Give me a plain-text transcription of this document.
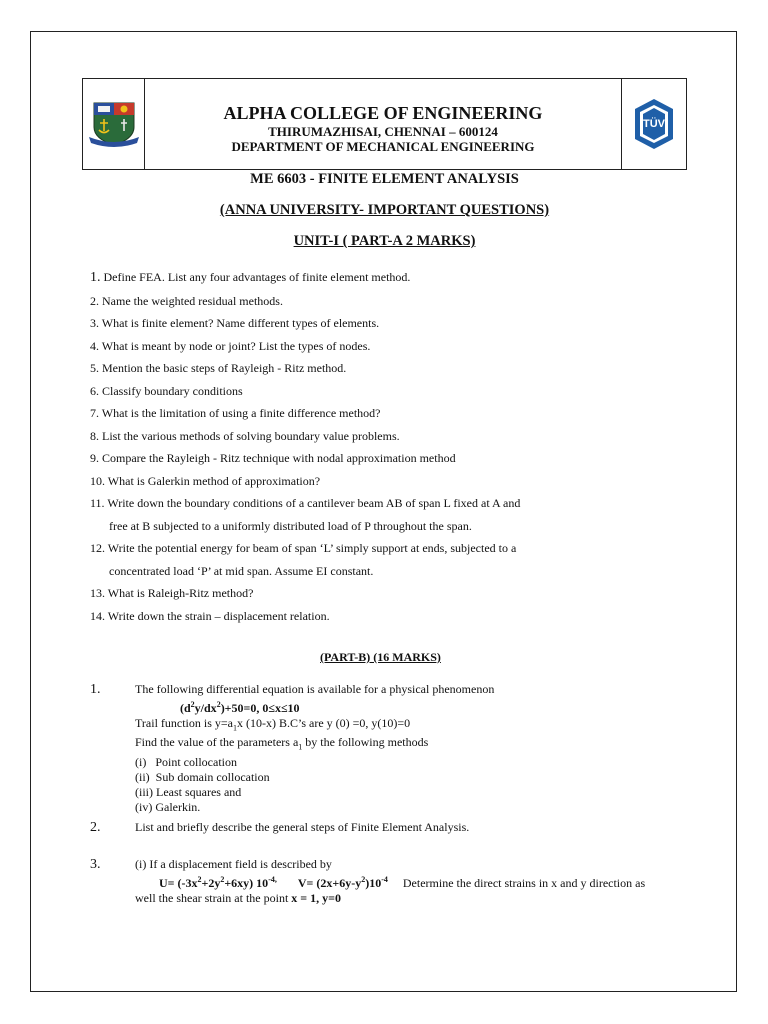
ALPHA COLLEGE OF ENGINEERING
THIRUMAZHISAI, CHENNAI – 600124
DEPARTMENT OF MECHANICAL ENGINEERING
TÜV
ME 6603 - FINITE ELEMENT ANALYSIS
(ANNA UNIVERSITY- IMPORTANT QUESTIONS)
UNIT-I ( PART-A 2 MARKS)
1. Define FEA. List any four advantages of finite element method.
2. Name the weighted residual methods.
3. What is finite element? Name different types of elements.
4. What is meant by node or joint? List the types of nodes.
5. Mention the basic steps of Rayleigh - Ritz method.
6. Classify boundary conditions
7. What is the limitation of using a finite difference method?
8. List the various methods of solving boundary value problems.
9. Compare the Rayleigh - Ritz technique with nodal approximation method
10. What is Galerkin method of approximation?
11. Write down the boundary conditions of a cantilever beam AB of span L fixed at A and
free at B subjected to a uniformly distributed load of P throughout the span.
12. Write the potential energy for beam of span ‘L’ simply support at ends, subjected to a
concentrated load ‘P’ at mid span. Assume EI constant.
13. What is Raleigh-Ritz method?
14. Write down the strain – displacement relation.
(PART-B) (16 MARKS)
1.	The following differential equation is available for a physical phenomenon
$(d^2y/dx^2)+50=0$, 0≤x≤10
Trail function is $y=a_1x$ (10-x) B.C’s are y (0) =0, y(10)=0
Find the value of the parameters $a_1$ by the following methods
(i)   Point collocation
(ii)  Sub domain collocation
(iii) Least squares and
(iv) Galerkin.
2.	List and briefly describe the general steps of Finite Element Analysis.
3.	(i) If a displacement field is described by
$U= (-3x^2+2y^2+6xy)$ $10^{-4,}$ $V= (2x+6y-y^2)10^{-4}$ Determine the direct strains in x and y direction as
well the shear strain at the point x = 1, y=0
